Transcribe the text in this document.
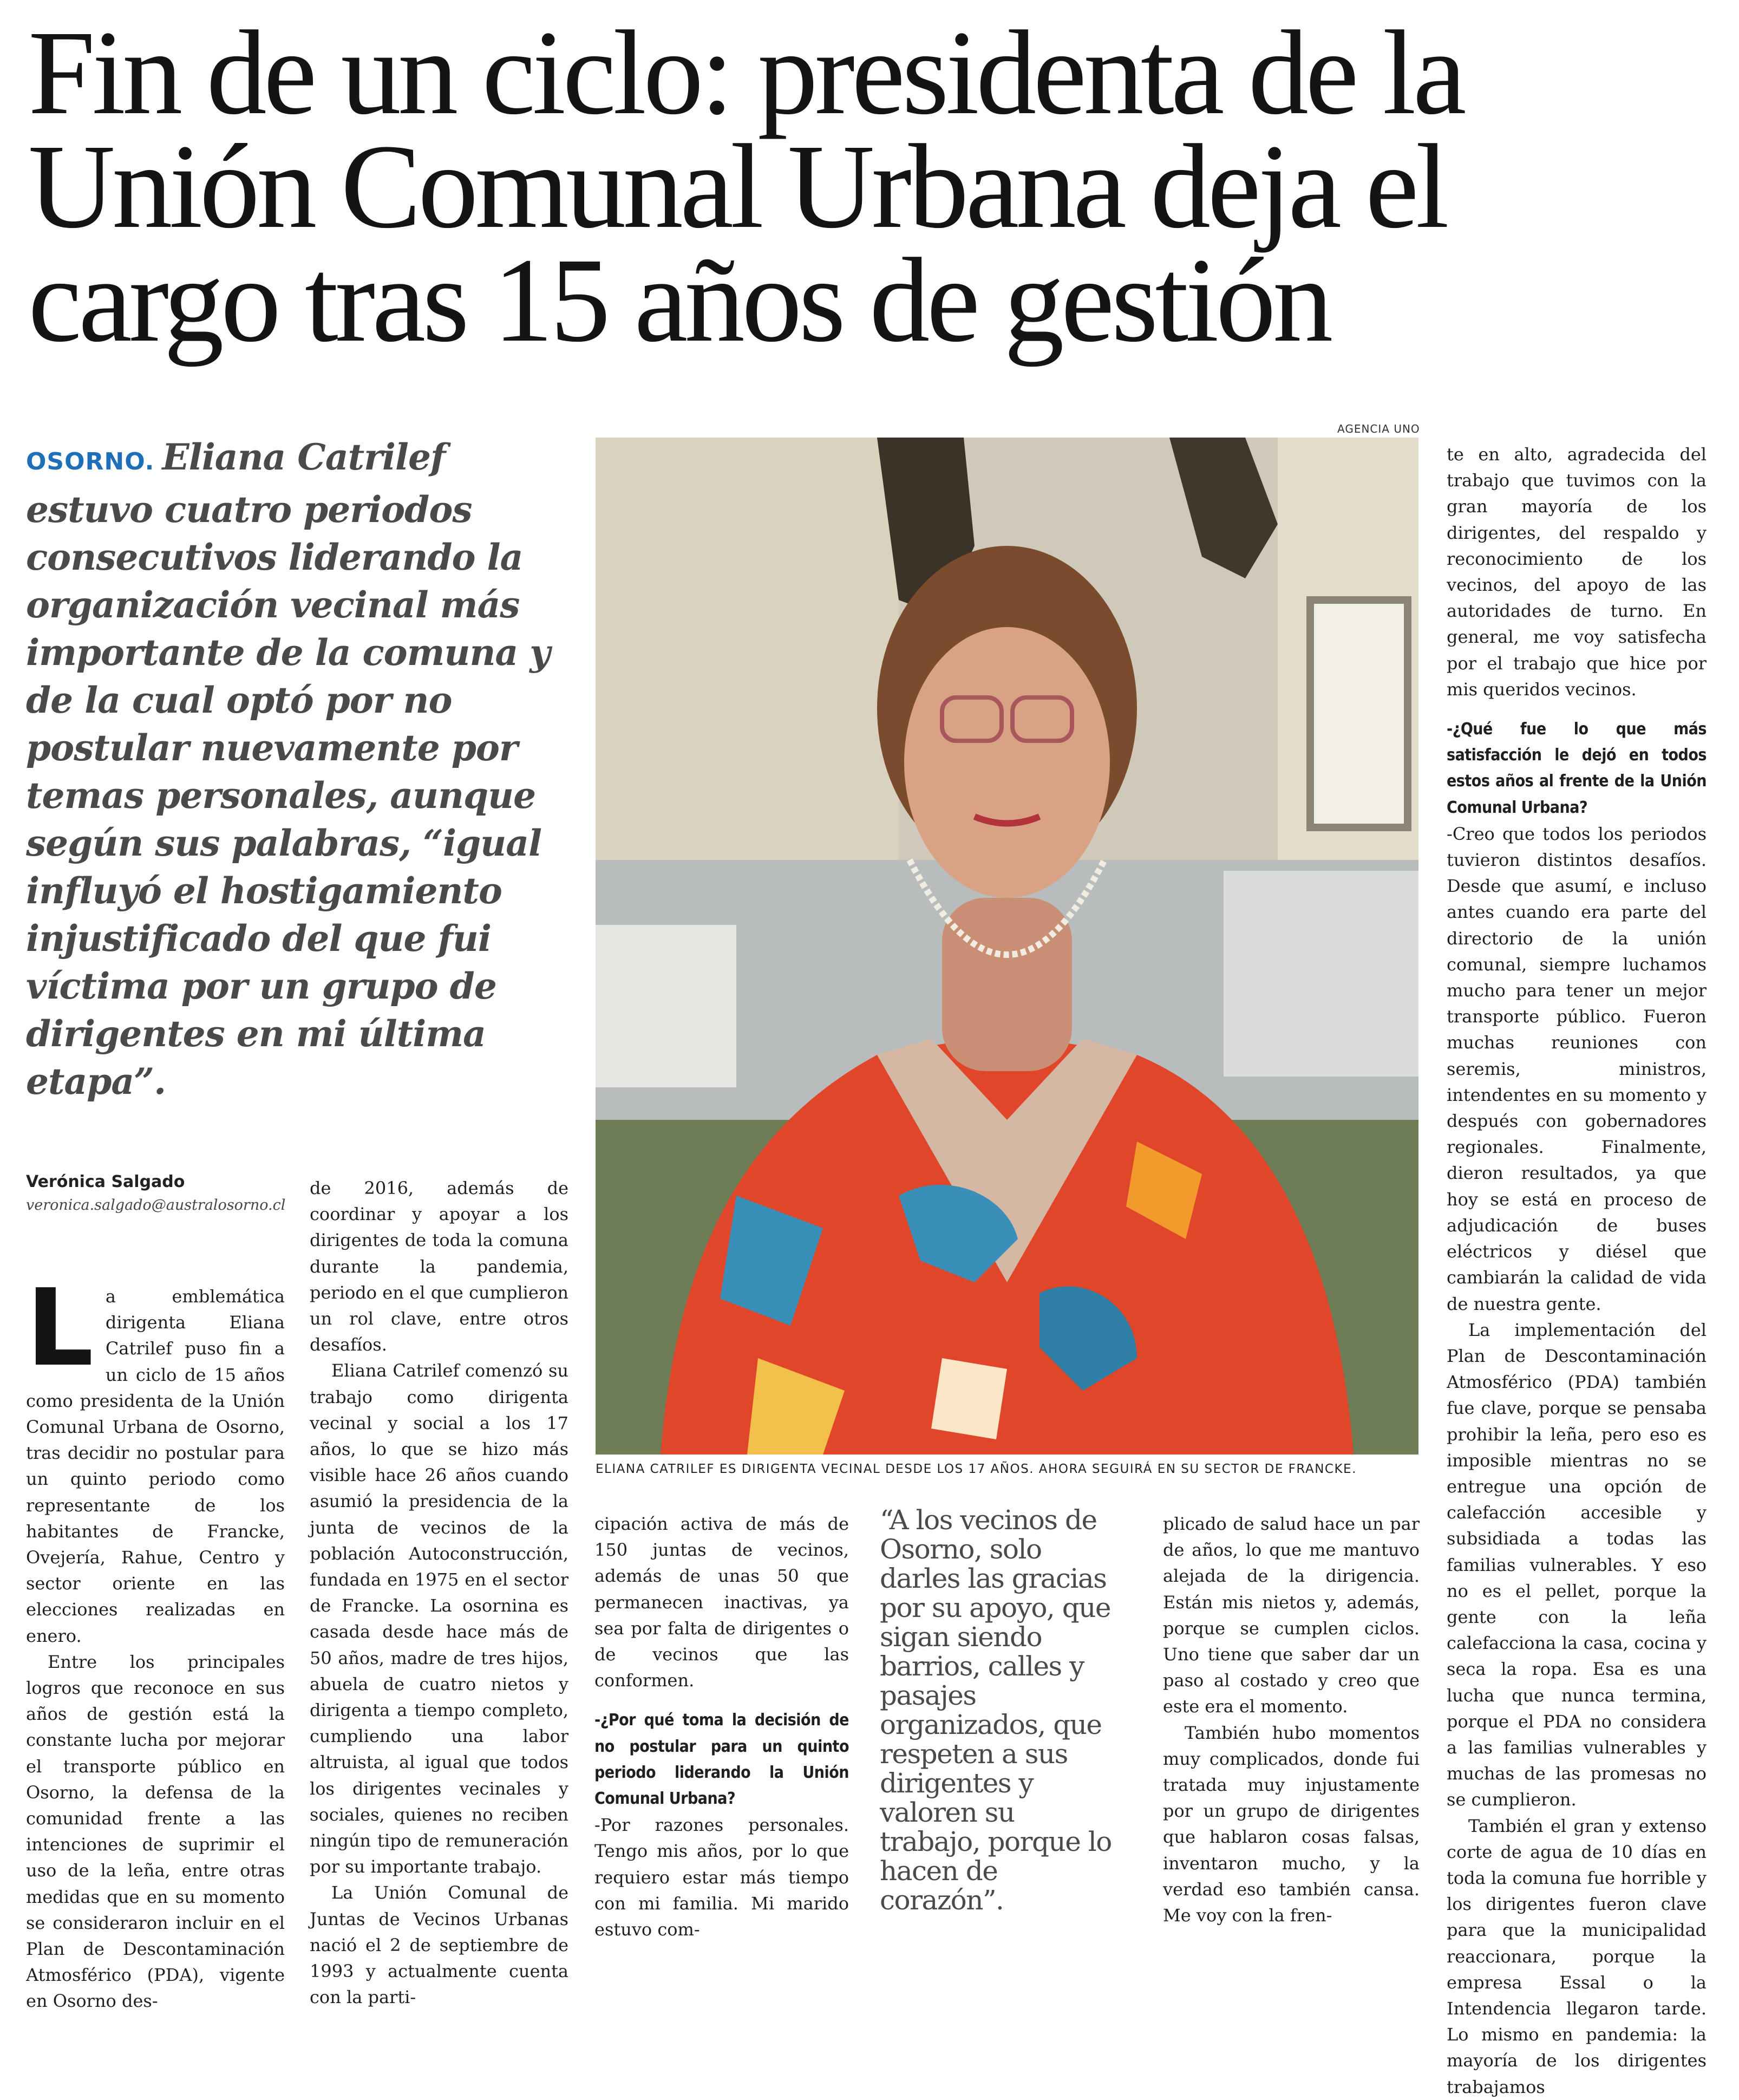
Fin de un ciclo: presidenta de la Unión Comunal Urbana deja el cargo tras 15 años de gestión
OSORNO. Eliana Catrilef estuvo cuatro periodos consecutivos liderando la organización vecinal más importante de la comuna y de la cual optó por no postular nuevamente por temas personales, aunque según sus palabras, “igual influyó el hostigamiento injustificado del que fui víctima por un grupo de dirigentes en mi última etapa”.
Verónica Salgado
veronica.salgado@australosorno.cl
L a emblemática dirigenta Eliana Catrilef puso fin a un ciclo de 15 años como presidenta de la Unión Comunal Urbana de Osorno, tras decidir no postular para un quinto periodo como representante de los habitantes de Francke, Ovejería, Rahue, Centro y sector oriente en las elecciones realizadas en enero.

Entre los principales logros que reconoce en sus años de gestión está la constante lucha por mejorar el transporte público en Osorno, la defensa de la comunidad frente a las intenciones de suprimir el uso de la leña, entre otras medidas que en su momento se consideraron incluir en el Plan de Descontaminación Atmosférico (PDA), vigente en Osorno des-

de 2016, además de coordinar y apoyar a los dirigentes de toda la comuna durante la pandemia, periodo en el que cumplieron un rol clave, entre otros desafíos.

Eliana Catrilef comenzó su trabajo como dirigenta vecinal y social a los 17 años, lo que se hizo más visible hace 26 años cuando asumió la presidencia de la junta de vecinos de la población Autoconstrucción, fundada en 1975 en el sector de Francke. La osornina es casada desde hace más de 50 años, madre de tres hijos, abuela de cuatro nietos y dirigenta a tiempo completo, cumpliendo una labor altruista, al igual que todos los dirigentes vecinales y sociales, quienes no reciben ningún tipo de remuneración por su importante trabajo.

La Unión Comunal de Juntas de Vecinos Urbanas nació el 2 de septiembre de 1993 y actualmente cuenta con la parti-

AGENCIA UNO
ELIANA CATRILEF ES DIRIGENTA VECINAL DESDE LOS 17 AÑOS. AHORA SEGUIRÁ EN SU SECTOR DE FRANCKE.

cipación activa de más de 150 juntas de vecinos, además de unas 50 que permanecen inactivas, ya sea por falta de dirigentes o de vecinos que las conformen.

-¿Por qué toma la decisión de no postular para un quinto periodo liderando la Unión Comunal Urbana?

-Por razones personales. Tengo mis años, por lo que requiero estar más tiempo con mi familia. Mi marido estuvo com-

“A los vecinos de Osorno, solo darles las gracias por su apoyo, que sigan siendo barrios, calles y pasajes organizados, que respeten a sus dirigentes y valoren su trabajo, porque lo hacen de corazón”.

plicado de salud hace un par de años, lo que me mantuvo alejada de la dirigencia. Están mis nietos y, además, porque se cumplen ciclos. Uno tiene que saber dar un paso al costado y creo que este era el momento.

También hubo momentos muy complicados, donde fui tratada muy injustamente por un grupo de dirigentes que hablaron cosas falsas, inventaron mucho, y la verdad eso también cansa. Me voy con la fren-

te en alto, agradecida del trabajo que tuvimos con la gran mayoría de los dirigentes, del respaldo y reconocimiento de los vecinos, del apoyo de las autoridades de turno. En general, me voy satisfecha por el trabajo que hice por mis queridos vecinos.

-¿Qué fue lo que más satisfacción le dejó en todos estos años al frente de la Unión Comunal Urbana?

-Creo que todos los periodos tuvieron distintos desafíos. Desde que asumí, e incluso antes cuando era parte del directorio de la unión comunal, siempre luchamos mucho para tener un mejor transporte público. Fueron muchas reuniones con seremis, ministros, intendentes en su momento y después con gobernadores regionales. Finalmente, dieron resultados, ya que hoy se está en proceso de adjudicación de buses eléctricos y diésel que cambiarán la calidad de vida de nuestra gente.

La implementación del Plan de Descontaminación Atmosférico (PDA) también fue clave, porque se pensaba prohibir la leña, pero eso es imposible mientras no se entregue una opción de calefacción accesible y subsidiada a todas las familias vulnerables. Y eso no es el pellet, porque la gente con la leña calefacciona la casa, cocina y seca la ropa. Esa es una lucha que nunca termina, porque el PDA no considera a las familias vulnerables y muchas de las promesas no se cumplieron.

También el gran y extenso corte de agua de 10 días en toda la comuna fue horrible y los dirigentes fueron clave para que la municipalidad reaccionara, porque la empresa Essal o la Intendencia llegaron tarde. Lo mismo en pandemia: la mayoría de los dirigentes trabajamos
